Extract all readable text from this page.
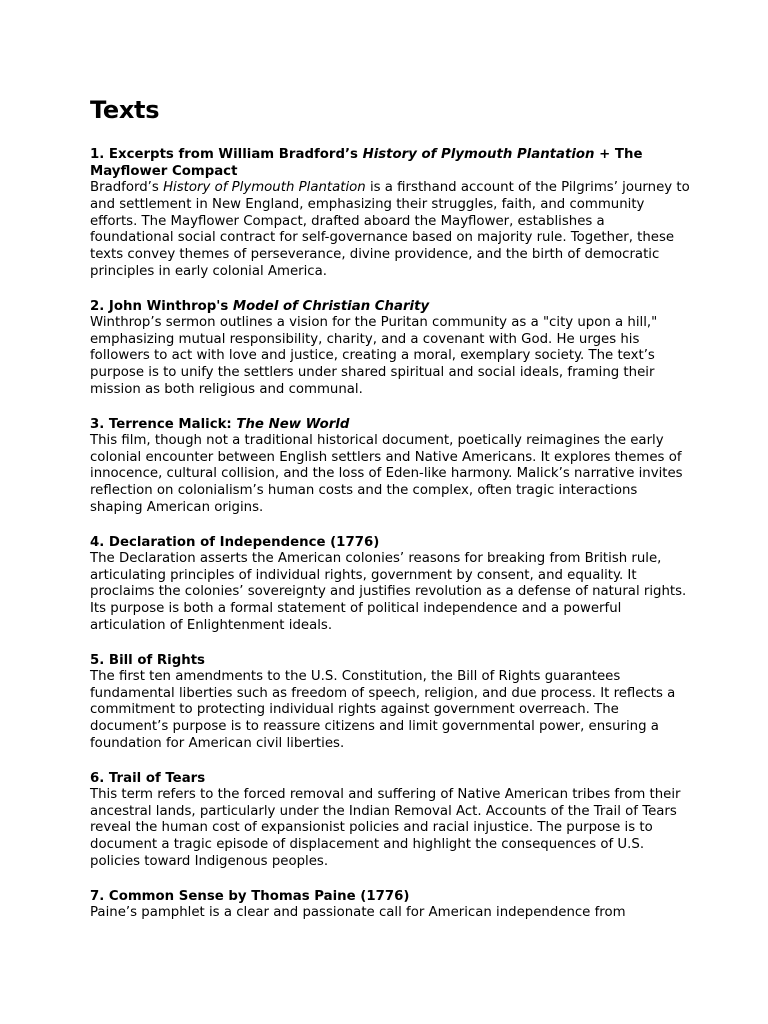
Texts

1. Excerpts from William Bradford’s History of Plymouth Plantation + The Mayflower Compact

Bradford’s History of Plymouth Plantation is a firsthand account of the Pilgrims’ journey to and settlement in New England, emphasizing their struggles, faith, and community efforts. The Mayflower Compact, drafted aboard the Mayflower, establishes a foundational social contract for self-governance based on majority rule. Together, these texts convey themes of perseverance, divine providence, and the birth of democratic principles in early colonial America.

2. John Winthrop's Model of Christian Charity

Winthrop’s sermon outlines a vision for the Puritan community as a "city upon a hill," emphasizing mutual responsibility, charity, and a covenant with God. He urges his followers to act with love and justice, creating a moral, exemplary society. The text’s purpose is to unify the settlers under shared spiritual and social ideals, framing their mission as both religious and communal.

3. Terrence Malick: The New World

This film, though not a traditional historical document, poetically reimagines the early colonial encounter between English settlers and Native Americans. It explores themes of innocence, cultural collision, and the loss of Eden-like harmony. Malick’s narrative invites reflection on colonialism’s human costs and the complex, often tragic interactions shaping American origins.

4. Declaration of Independence (1776)

The Declaration asserts the American colonies’ reasons for breaking from British rule, articulating principles of individual rights, government by consent, and equality. It proclaims the colonies’ sovereignty and justifies revolution as a defense of natural rights. Its purpose is both a formal statement of political independence and a powerful articulation of Enlightenment ideals.

5. Bill of Rights

The first ten amendments to the U.S. Constitution, the Bill of Rights guarantees fundamental liberties such as freedom of speech, religion, and due process. It reflects a commitment to protecting individual rights against government overreach. The document’s purpose is to reassure citizens and limit governmental power, ensuring a foundation for American civil liberties.

6. Trail of Tears

This term refers to the forced removal and suffering of Native American tribes from their ancestral lands, particularly under the Indian Removal Act. Accounts of the Trail of Tears reveal the human cost of expansionist policies and racial injustice. The purpose is to document a tragic episode of displacement and highlight the consequences of U.S. policies toward Indigenous peoples.

7. Common Sense by Thomas Paine (1776)

Paine’s pamphlet is a clear and passionate call for American independence from
